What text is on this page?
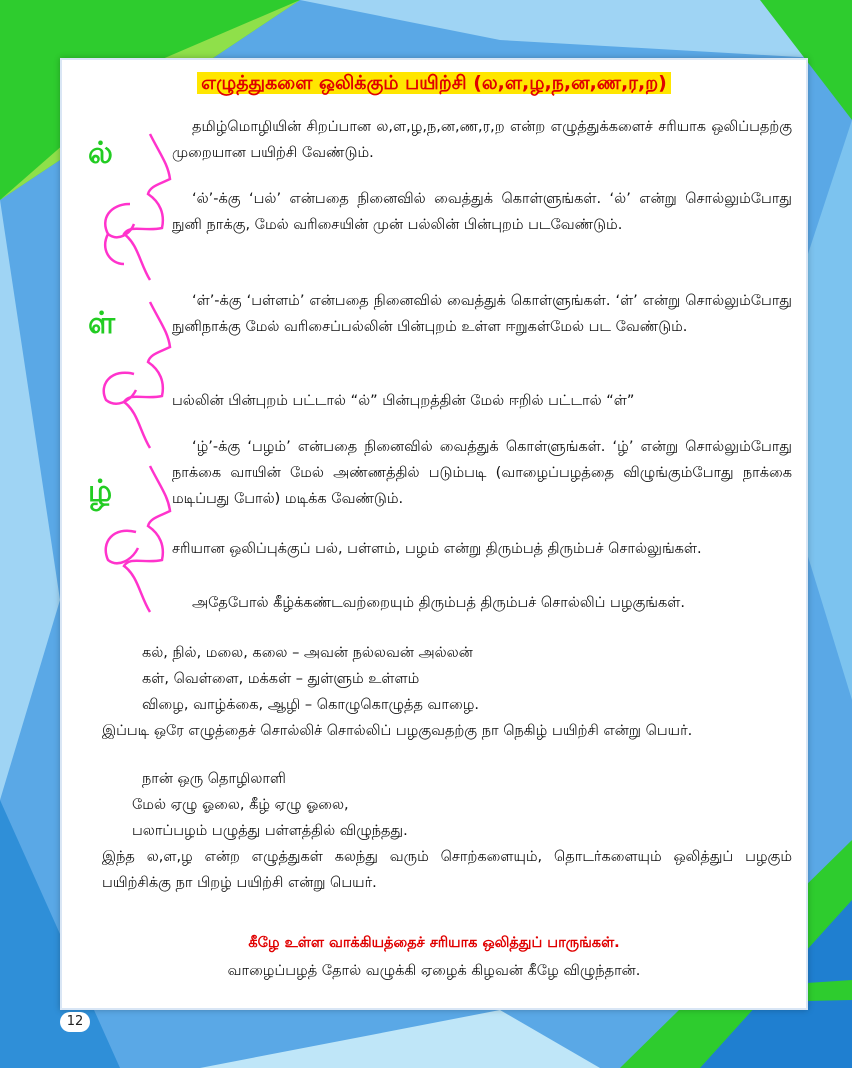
எழுத்துகளை ஒலிக்கும் பயிற்சி (ல,ள,ழ,ந,ன,ண,ர,ற)
ல்
ள்
ழ்
தமிழ்மொழியின் சிறப்பான ல,ள,ழ,ந,ன,ண,ர,ற என்ற எழுத்துக்களைச் சரியாக ஒலிப்பதற்கு முறையான பயிற்சி வேண்டும்.
‘ல்’-க்கு ‘பல்’ என்பதை நினைவில் வைத்துக் கொள்ளுங்கள். ‘ல்’ என்று சொல்லும்போது நுனி நாக்கு, மேல் வரிசையின் முன் பல்லின் பின்புறம் படவேண்டும்.
‘ள்’-க்கு ‘பள்ளம்’ என்பதை நினைவில் வைத்துக் கொள்ளுங்கள். ‘ள்’ என்று சொல்லும்போது நுனிநாக்கு மேல் வரிசைப்பல்லின் பின்புறம் உள்ள ஈறுகள்மேல் பட வேண்டும்.
பல்லின் பின்புறம் பட்டால் “ல்” பின்புறத்தின் மேல் ஈறில் பட்டால் “ள்”
‘ழ்’-க்கு ‘பழம்’ என்பதை நினைவில் வைத்துக் கொள்ளுங்கள். ‘ழ்’ என்று சொல்லும்போது நாக்கை வாயின் மேல் அண்ணத்தில் படும்படி (வாழைப்பழத்தை விழுங்கும்போது நாக்கை மடிப்பது போல்) மடிக்க வேண்டும்.
சரியான ஒலிப்புக்குப் பல், பள்ளம், பழம் என்று திரும்பத் திரும்பச் சொல்லுங்கள்.
அதேபோல் கீழ்க்கண்டவற்றையும் திரும்பத் திரும்பச் சொல்லிப் பழகுங்கள்.
கல், நில், மலை, கலை – அவன் நல்லவன் அல்லன்
கள், வெள்ளை, மக்கள் – துள்ளும் உள்ளம்
விழை, வாழ்க்கை, ஆழி – கொழுகொழுத்த வாழை.
இப்படி ஒரே எழுத்தைச் சொல்லிச் சொல்லிப் பழகுவதற்கு நா நெகிழ் பயிற்சி என்று பெயர்.
நான் ஒரு தொழிலாளி
மேல் ஏழு ஓலை, கீழ் ஏழு ஓலை,
பலாப்பழம் பழுத்து பள்ளத்தில் விழுந்தது.
இந்த ல,ள,ழ என்ற எழுத்துகள் கலந்து வரும் சொற்களையும், தொடர்களையும் ஒலித்துப் பழகும் பயிற்சிக்கு நா பிறழ் பயிற்சி என்று பெயர்.
கீழே உள்ள வாக்கியத்தைச் சரியாக ஒலித்துப் பாருங்கள்.
வாழைப்பழத் தோல் வழுக்கி ஏழைக் கிழவன் கீழே விழுந்தான்.
12
